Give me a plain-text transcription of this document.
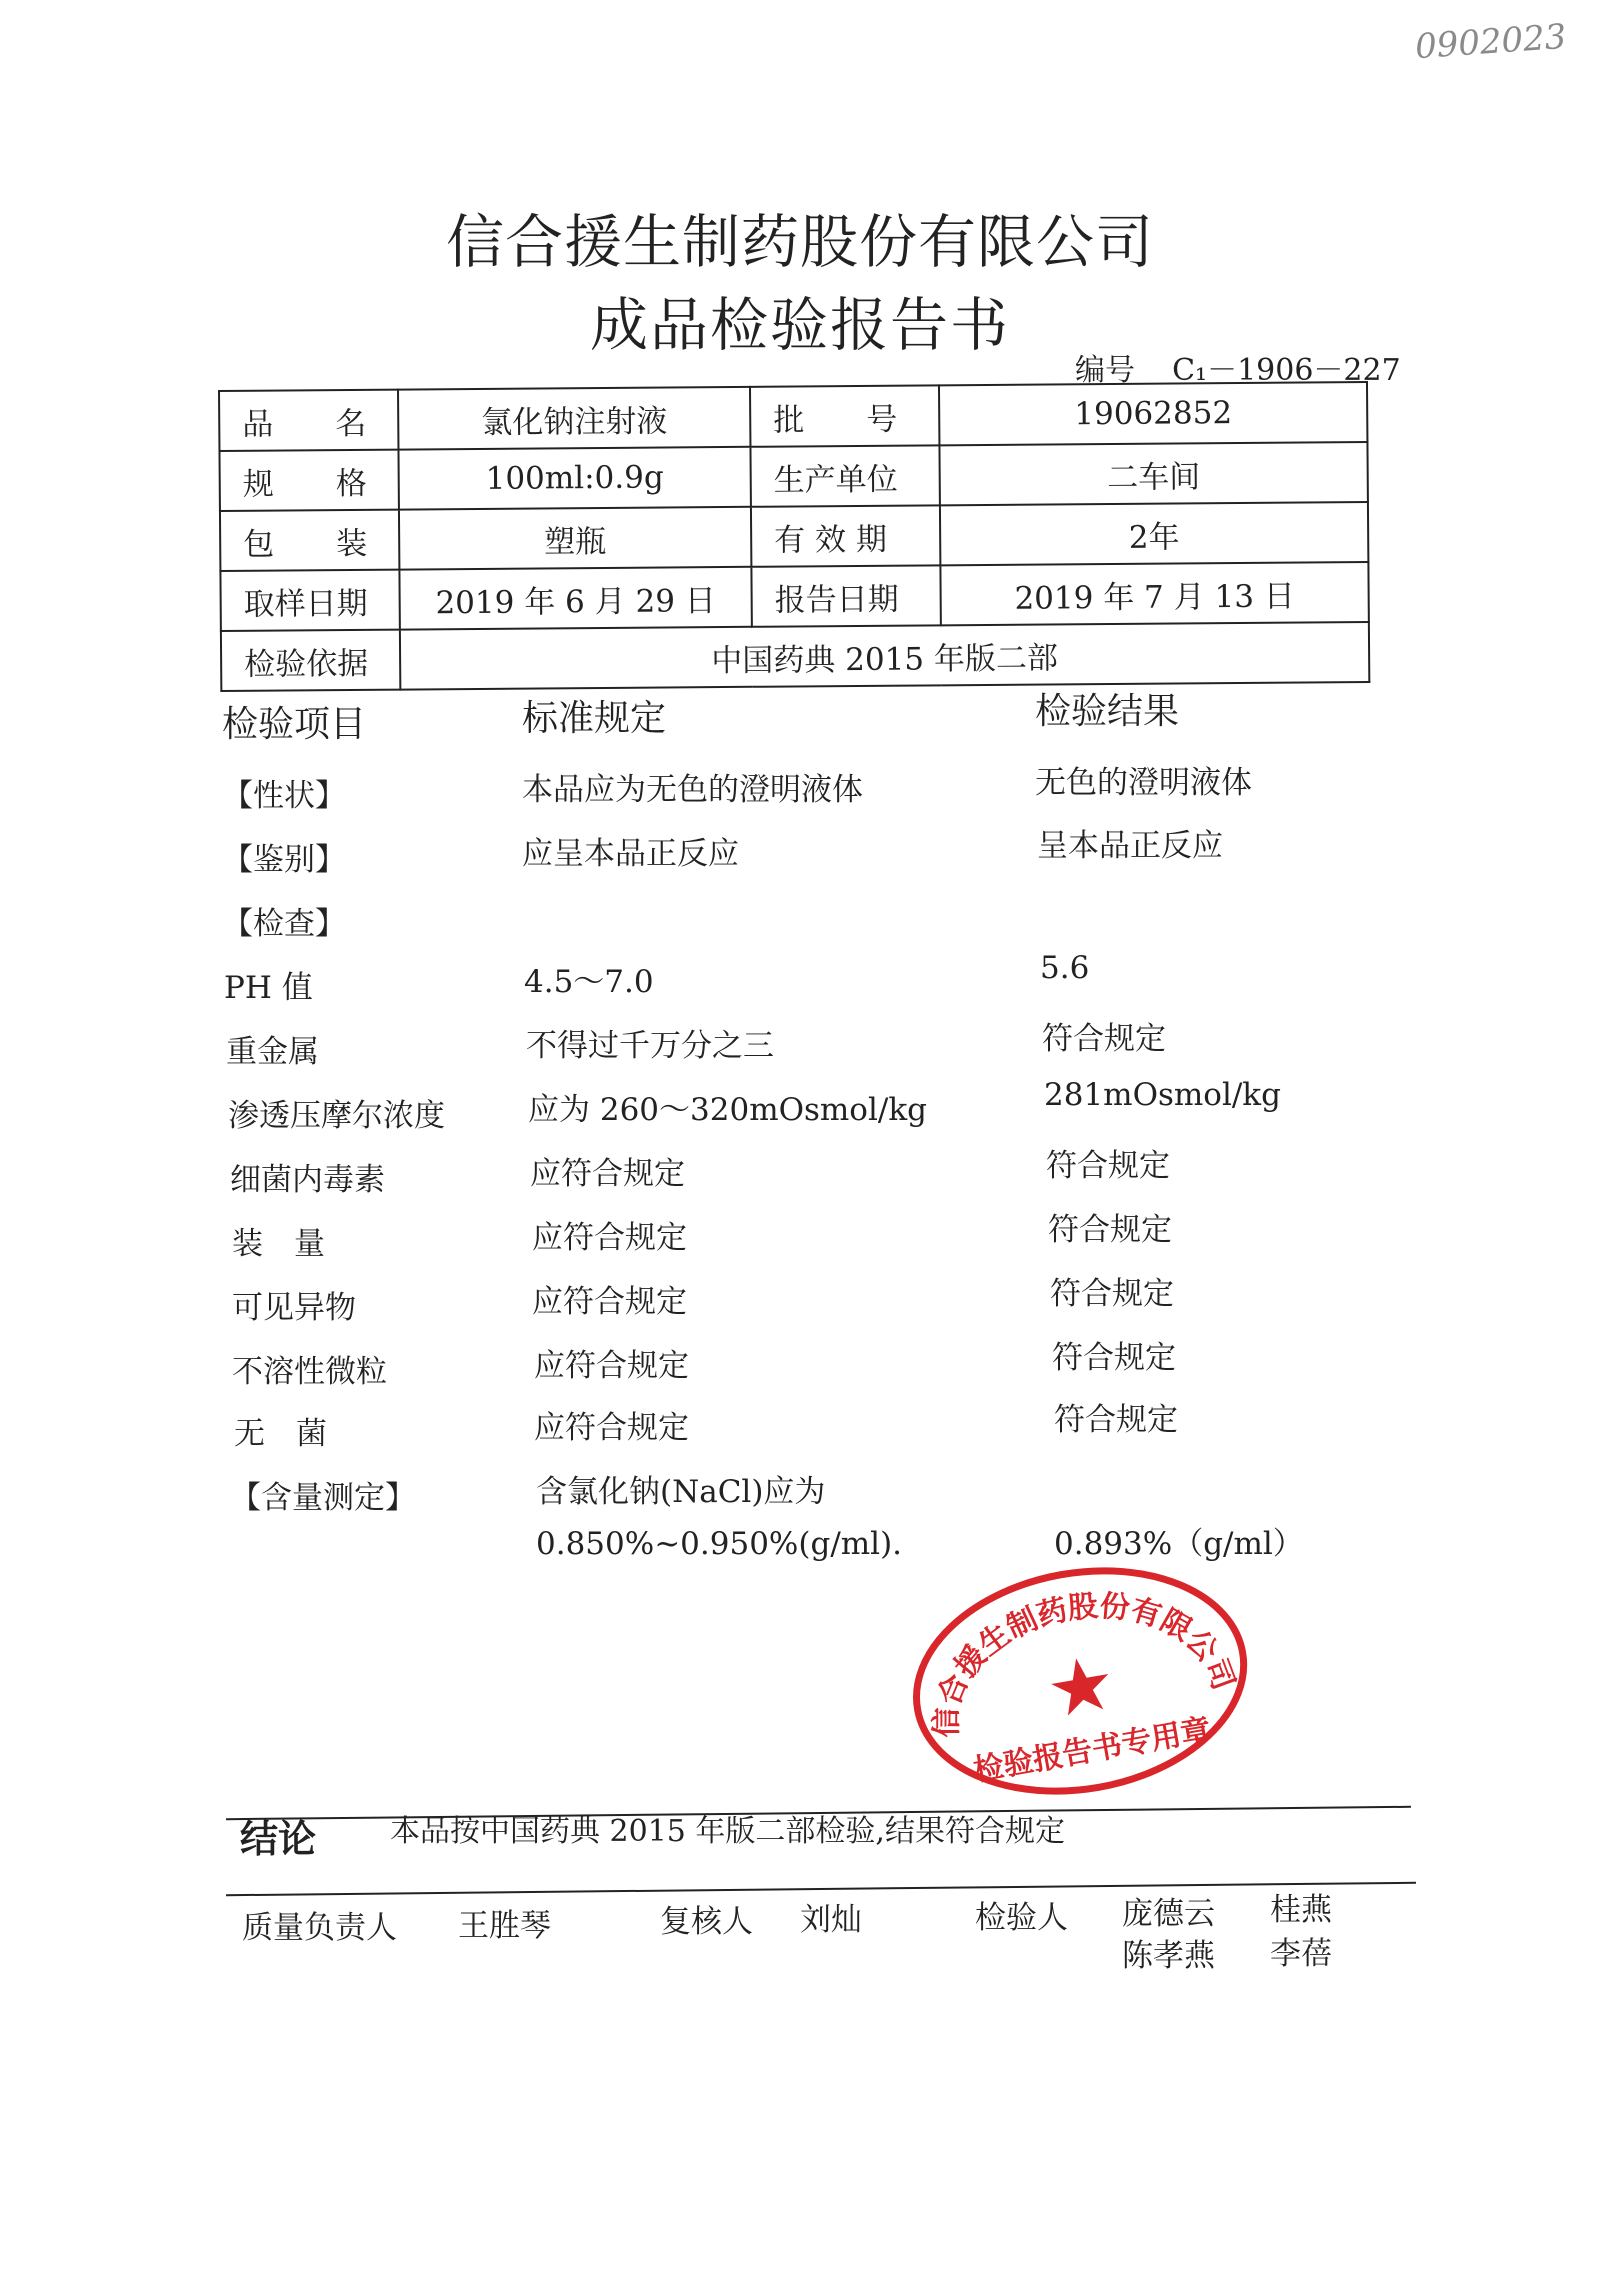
0902023
信合援生制药股份有限公司
成品检验报告书
编号 C₁－1906－227
品　　名	氯化钠注射液	批　　号	19062852
规　　格	100ml:0.9g	生产单位	二车间
包　　装	塑瓶	有 效 期	2年
取样日期	2019 年 6 月 29 日	报告日期	2019 年 7 月 13 日
检验依据	中国药典 2015 年版二部		
检验项目	标准规定	检验结果
【性状】	本品应为无色的澄明液体	无色的澄明液体
【鉴别】	应呈本品正反应	呈本品正反应
【检查】
PH 值	4.5～7.0	5.6
重金属	不得过千万分之三	符合规定
渗透压摩尔浓度	应为 260～320mOsmol/kg	281mOsmol/kg
细菌内毒素	应符合规定	符合规定
装　量	应符合规定	符合规定
可见异物	应符合规定	符合规定
不溶性微粒	应符合规定	符合规定
无　菌	应符合规定	符合规定
【含量测定】	含氯化钠(NaCl)应为
0.850%~0.950%(g/ml).	0.893%（g/ml）
信合援生制药股份有限公司
检验报告书专用章
结论 本品按中国药典 2015 年版二部检验,结果符合规定
质量负责人 王胜琴	复核人 刘灿	检验人 庞德云 桂燕
陈孝燕 李蓓
